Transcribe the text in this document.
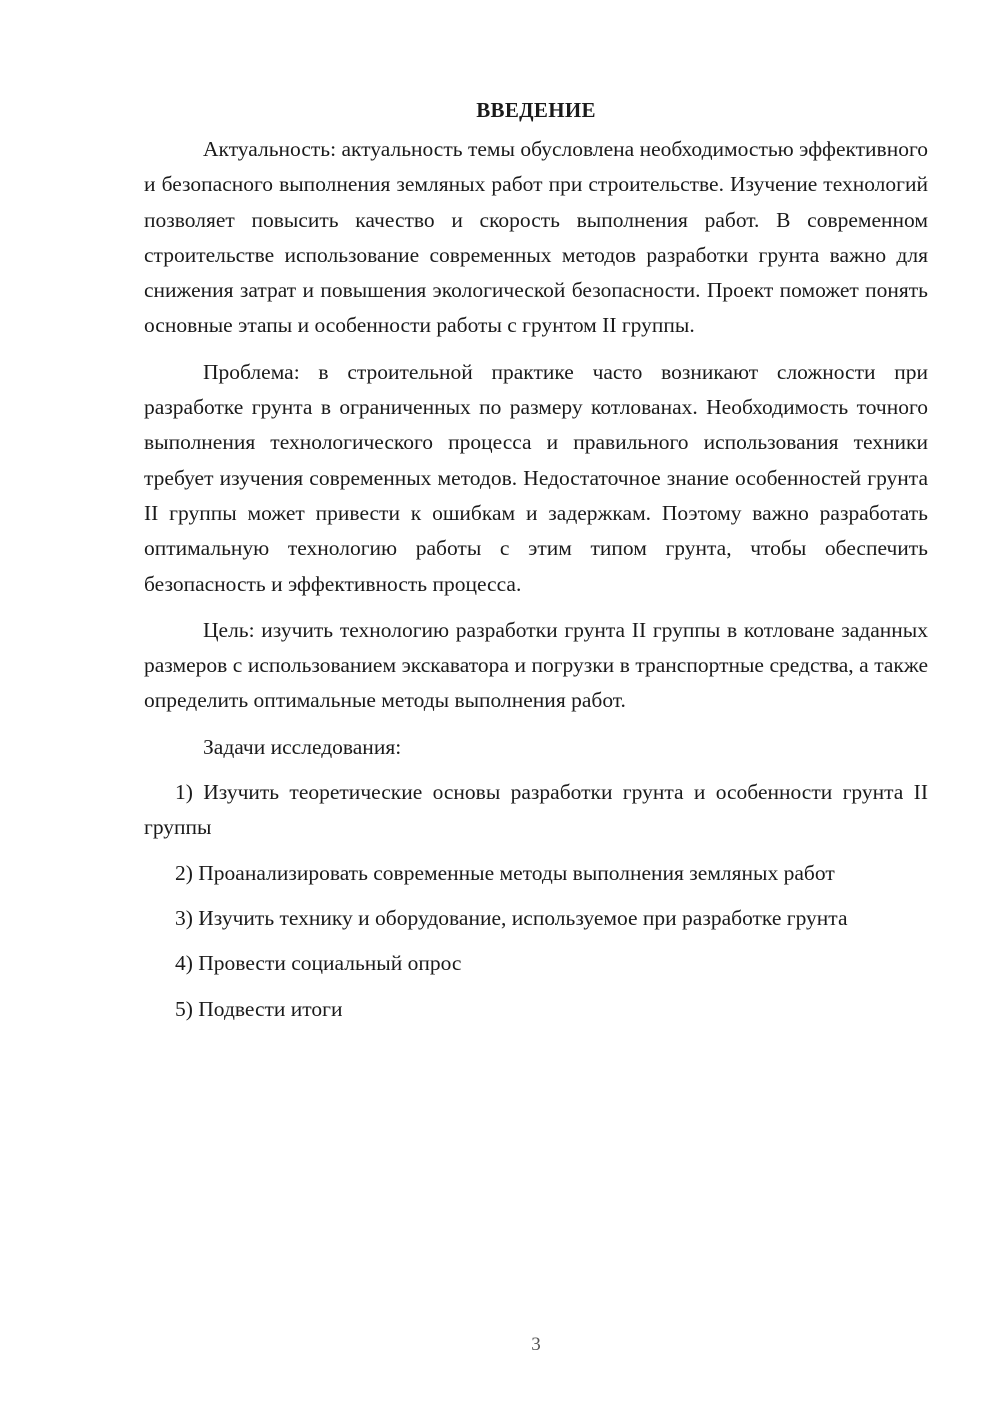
ВВЕДЕНИЕ

Актуальность: актуальность темы обусловлена необходимостью эффективного и безопасного выполнения земляных работ при строительстве. Изучение технологий позволяет повысить качество и скорость выполнения работ. В современном строительстве использование современных методов разработки грунта важно для снижения затрат и повышения экологической безопасности. Проект поможет понять основные этапы и особенности работы с грунтом II группы.

Проблема: в строительной практике часто возникают сложности при разработке грунта в ограниченных по размеру котлованах. Необходимость точного выполнения технологического процесса и правильного использования техники требует изучения современных методов. Недостаточное знание особенностей грунта II группы может привести к ошибкам и задержкам. Поэтому важно разработать оптимальную технологию работы с этим типом грунта, чтобы обеспечить безопасность и эффективность процесса.

Цель: изучить технологию разработки грунта II группы в котловане заданных размеров с использованием экскаватора и погрузки в транспортные средства, а также определить оптимальные методы выполнения работ.

Задачи исследования:

1) Изучить теоретические основы разработки грунта и особенности грунта II группы

2) Проанализировать современные методы выполнения земляных работ

3) Изучить технику и оборудование, используемое при разработке грунта

4) Провести социальный опрос

5) Подвести итоги

3
